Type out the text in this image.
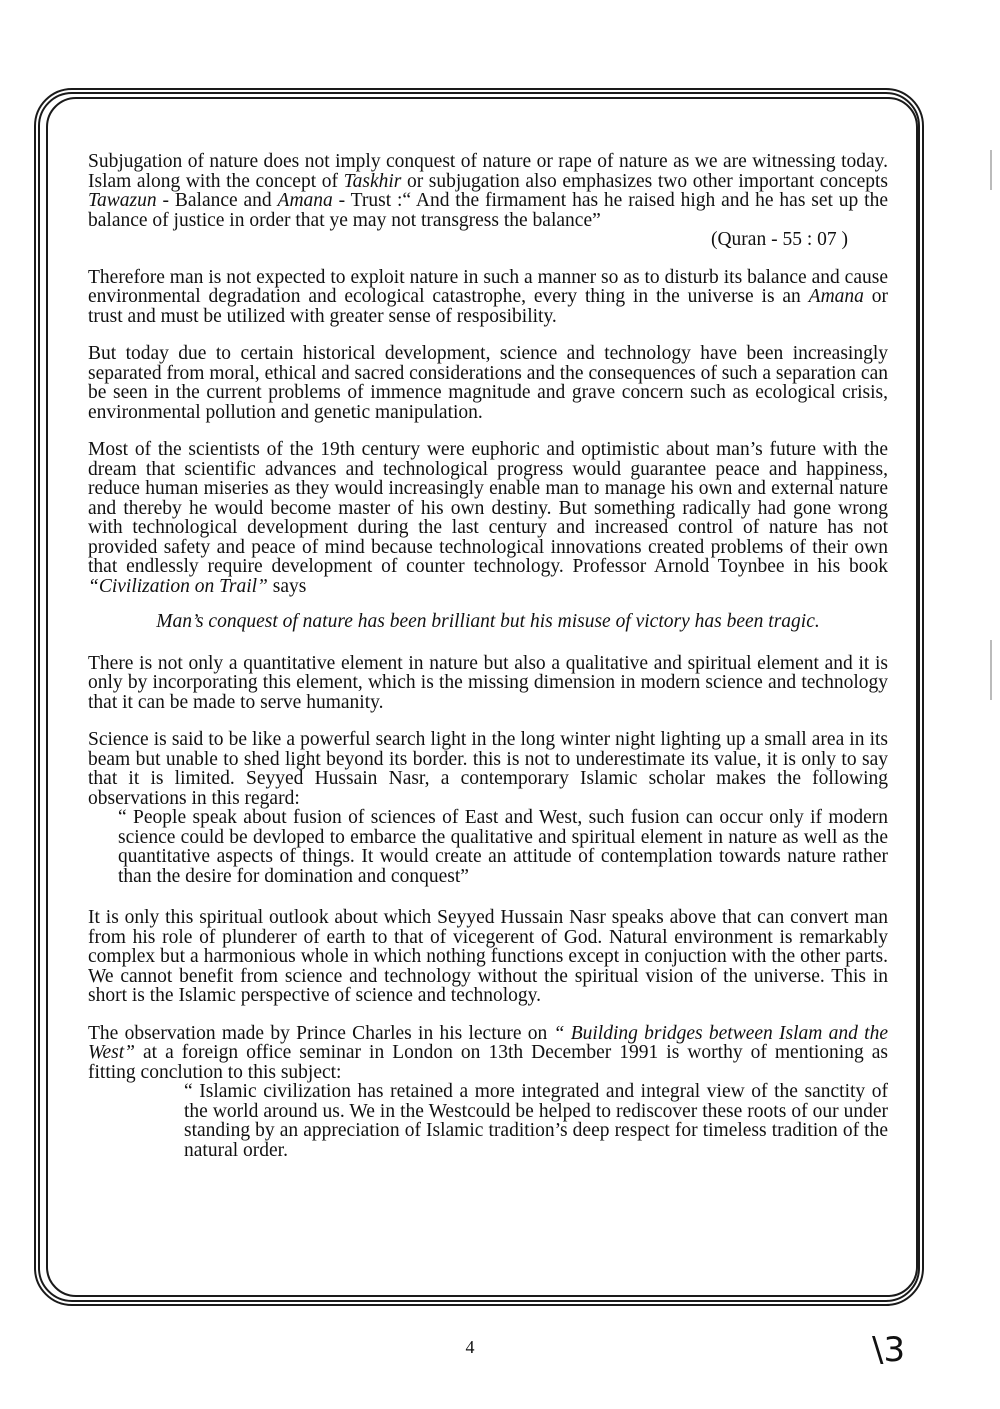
Subjugation of nature does not imply conquest of nature or rape of nature as we are witnessing today. Islam along with the concept of Taskhir or subjugation also emphasizes two other important concepts Tawazun - Balance and Amana - Trust :“ And the firmament has he raised high and he has set up the balance of justice in order that ye may not transgress the balance”
(Quran - 55 : 07 )

Therefore man is not expected to exploit nature in such a manner so as to disturb its balance and cause environmental degradation and ecological catastrophe, every thing in the universe is an Amana or trust and must be utilized with greater sense of resposibility.

But today due to certain historical development, science and technology have been increasingly separated from moral, ethical and sacred considerations and the consequences of such a separation can be seen in the current problems of immence magnitude and grave concern such as ecological crisis, environmental pollution and genetic manipulation.

Most of the scientists of the 19th century were euphoric and optimistic about man’s future with the dream that scientific advances and technological progress would guarantee peace and happiness, reduce human miseries as they would increasingly enable man to manage his own and external nature and thereby he would become master of his own destiny. But something radically had gone wrong with technological development during the last century and increased control of nature has not provided safety and peace of mind because technological innovations created problems of their own that endlessly require development of counter technology. Professor Arnold Toynbee in his book “Civilization on Trail” says

Man’s conquest of nature has been brilliant but his misuse of victory has been tragic.

There is not only a quantitative element in nature but also a qualitative and spiritual element and it is only by incorporating this element, which is the missing dimension in modern science and technology that it can be made to serve humanity.

Science is said to be like a powerful search light in the long winter night lighting up a small area in its beam but unable to shed light beyond its border. this is not to underestimate its value, it is only to say that it is limited. Seyyed Hussain Nasr, a contemporary Islamic scholar makes the following observations in this regard:

“ People speak about fusion of sciences of East and West, such fusion can occur only if modern science could be devloped to embarce the qualitative and spiritual element in nature as well as the quantitative aspects of things. It would create an attitude of contemplation towards nature rather than the desire for domination and conquest”

It is only this spiritual outlook about which Seyyed Hussain Nasr speaks above that can convert man from his role of plunderer of earth to that of vicegerent of God. Natural environment is remarkably complex but a harmonious whole in which nothing functions except in conjuction with the other parts. We cannot benefit from science and technology without the spiritual vision of the universe. This in short is the Islamic perspective of science and technology.

The observation made by Prince Charles in his lecture on “ Building bridges between Islam and the West” at a foreign office seminar in London on 13th December 1991 is worthy of mentioning as fitting conclution to this subject:

“ Islamic civilization has retained a more integrated and integral view of the sanctity of the world around us. We in the Westcould be helped to rediscover these roots of our under standing by an appreciation of Islamic tradition’s deep respect for timeless tradition of the natural order.

4	\3
